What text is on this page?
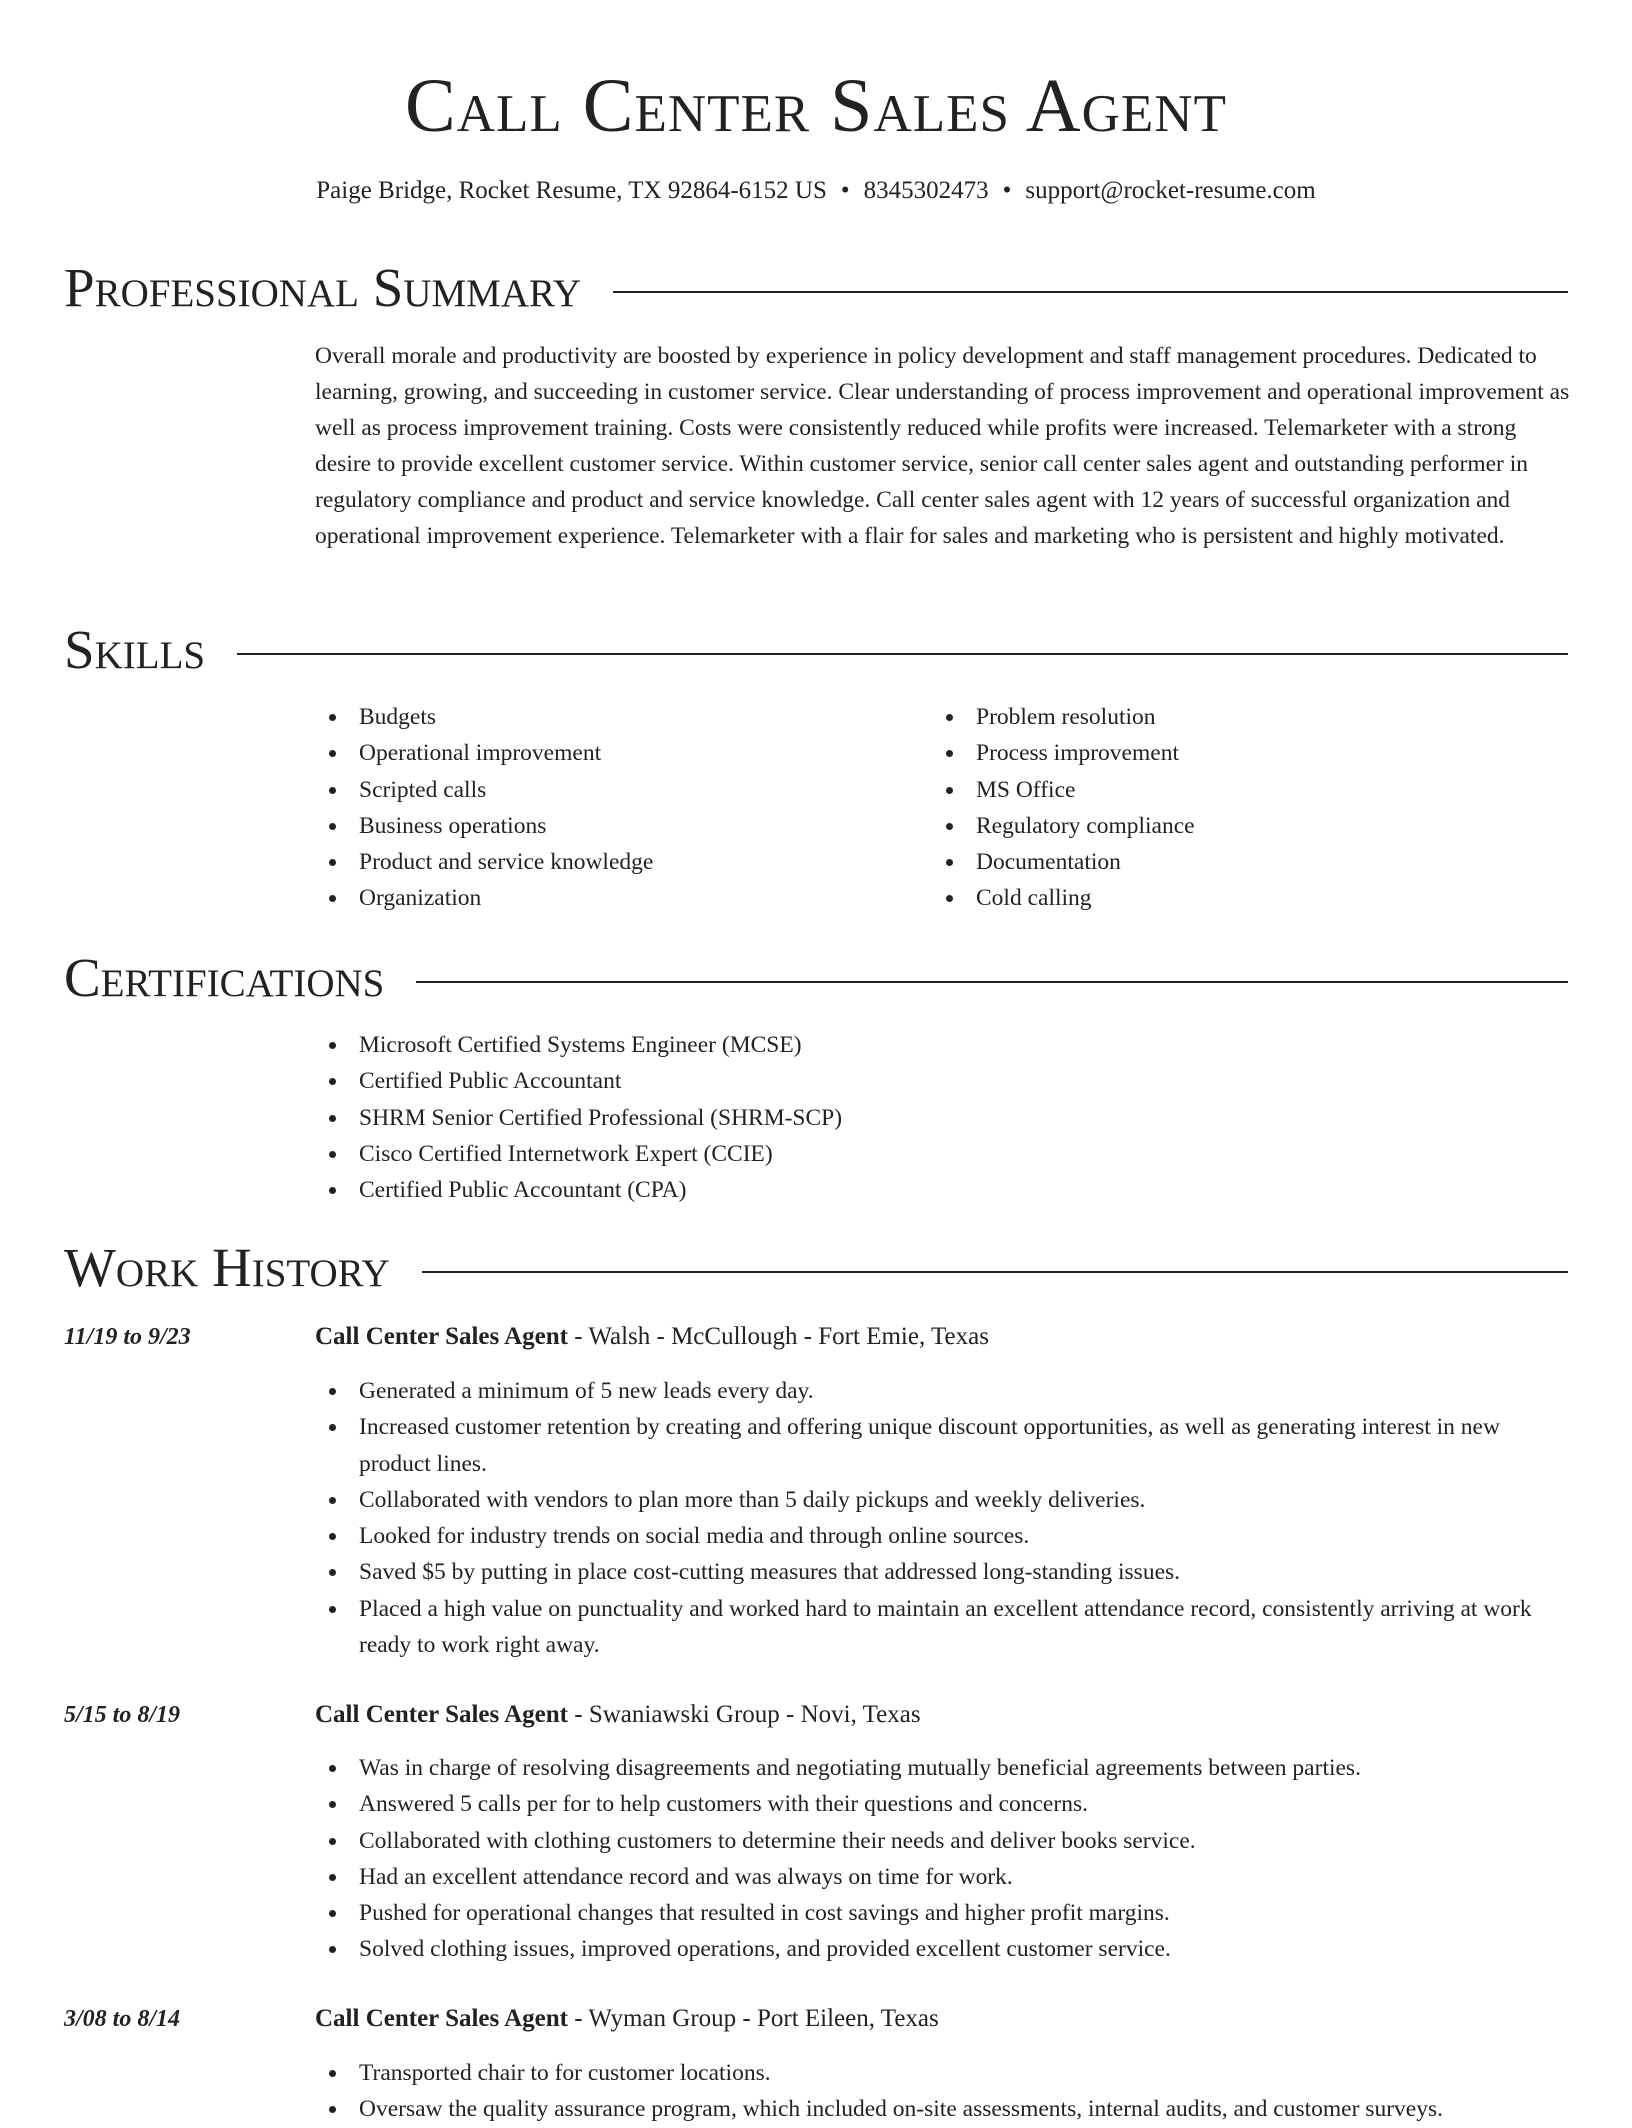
Call Center Sales Agent
Paige Bridge, Rocket Resume, TX 92864-6152 US • 8345302473 • support@rocket-resume.com
Professional Summary

Overall morale and productivity are boosted by experience in policy development and staff management procedures. Dedicated to learning, growing, and succeeding in customer service. Clear understanding of process improvement and operational improvement as well as process improvement training. Costs were consistently reduced while profits were increased. Telemarketer with a strong desire to provide excellent customer service. Within customer service, senior call center sales agent and outstanding performer in regulatory compliance and product and service knowledge. Call center sales agent with 12 years of successful organization and operational improvement experience. Telemarketer with a flair for sales and marketing who is persistent and highly motivated.

Skills
Budgets
Operational improvement
Scripted calls
Business operations
Product and service knowledge
Organization
Problem resolution
Process improvement
MS Office
Regulatory compliance
Documentation
Cold calling
Certifications
Microsoft Certified Systems Engineer (MCSE)
Certified Public Accountant
SHRM Senior Certified Professional (SHRM-SCP)
Cisco Certified Internetwork Expert (CCIE)
Certified Public Accountant (CPA)
Work History
11/19 to 9/23	Call Center Sales Agent - Walsh - McCullough - Fort Emie, Texas
Generated a minimum of 5 new leads every day.
Increased customer retention by creating and offering unique discount opportunities, as well as generating interest in new product lines.
Collaborated with vendors to plan more than 5 daily pickups and weekly deliveries.
Looked for industry trends on social media and through online sources.
Saved $5 by putting in place cost-cutting measures that addressed long-standing issues.
Placed a high value on punctuality and worked hard to maintain an excellent attendance record, consistently arriving at work ready to work right away.
5/15 to 8/19	Call Center Sales Agent - Swaniawski Group - Novi, Texas
Was in charge of resolving disagreements and negotiating mutually beneficial agreements between parties.
Answered 5 calls per for to help customers with their questions and concerns.
Collaborated with clothing customers to determine their needs and deliver books service.
Had an excellent attendance record and was always on time for work.
Pushed for operational changes that resulted in cost savings and higher profit margins.
Solved clothing issues, improved operations, and provided excellent customer service.
3/08 to 8/14	Call Center Sales Agent - Wyman Group - Port Eileen, Texas
Transported chair to for customer locations.
Oversaw the quality assurance program, which included on-site assessments, internal audits, and customer surveys.
